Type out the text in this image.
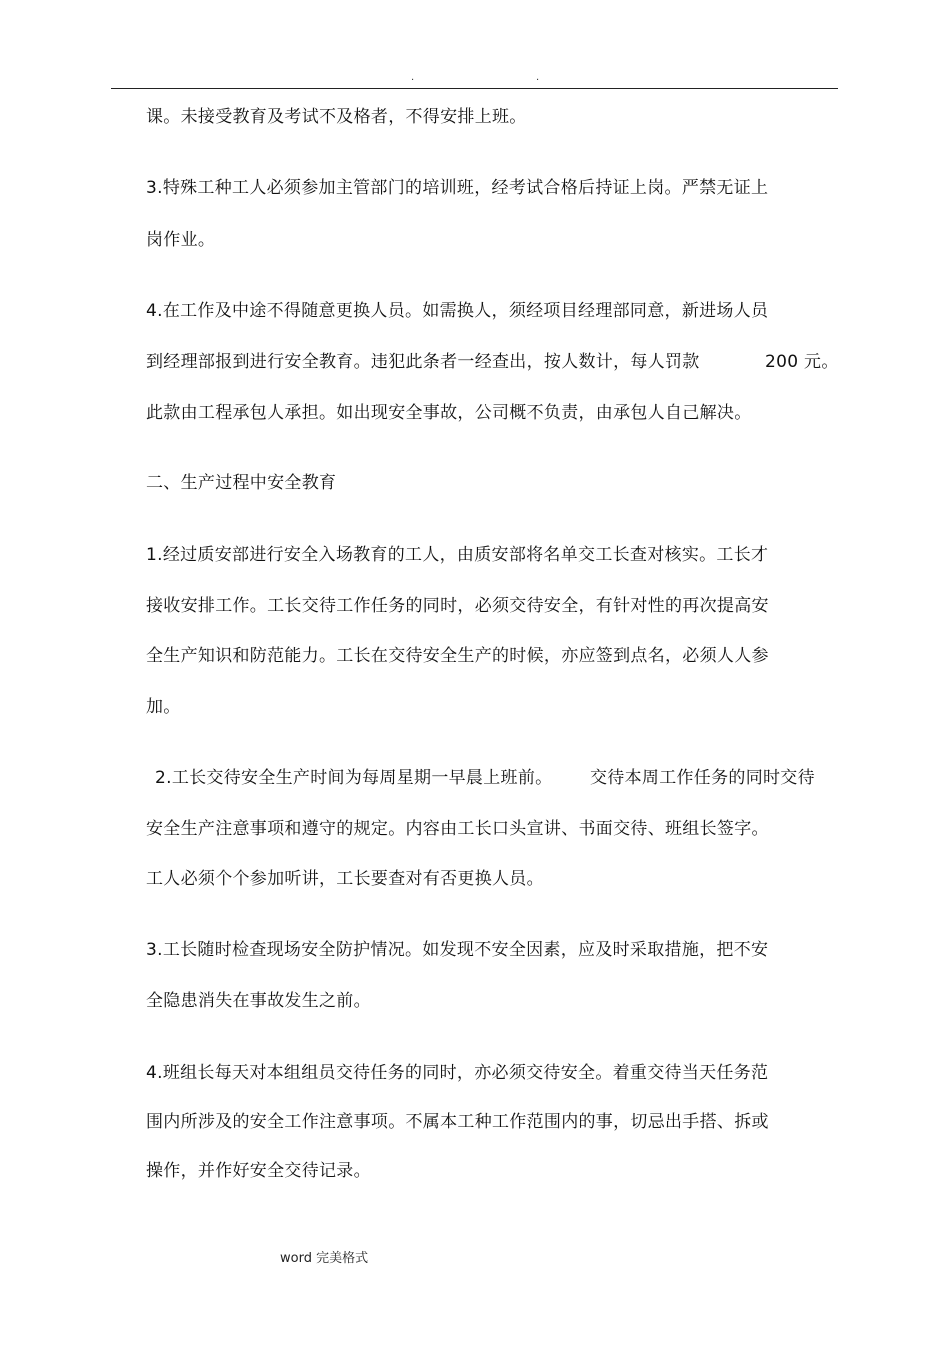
.	.
课。未接受教育及考试不及格者，不得安排上班。
3.特殊工种工人必须参加主管部门的培训班，经考试合格后持证上岗。严禁无证上
岗作业。
4.在工作及中途不得随意更换人员。如需换人，须经项目经理部同意，新进场人员
到经理部报到进行安全教育。违犯此条者一经查出，按人数计，每人罚款	200 元。
此款由工程承包人承担。如出现安全事故，公司概不负责，由承包人自己解决。
二、生产过程中安全教育
1.经过质安部进行安全入场教育的工人，由质安部将名单交工长查对核实。工长才
接收安排工作。工长交待工作任务的同时，必须交待安全，有针对性的再次提高安
全生产知识和防范能力。工长在交待安全生产的时候，亦应签到点名，必须人人参
加。
2.工长交待安全生产时间为每周星期一早晨上班前。 交待本周工作任务的同时交待
安全生产注意事项和遵守的规定。内容由工长口头宣讲、书面交待、班组长签字。
工人必须个个参加听讲，工长要查对有否更换人员。
3.工长随时检查现场安全防护情况。如发现不安全因素，应及时采取措施，把不安
全隐患消失在事故发生之前。
4.班组长每天对本组组员交待任务的同时，亦必须交待安全。着重交待当天任务范
围内所涉及的安全工作注意事项。不属本工种工作范围内的事，切忌出手搭、拆或
操作，并作好安全交待记录。
word 完美格式
